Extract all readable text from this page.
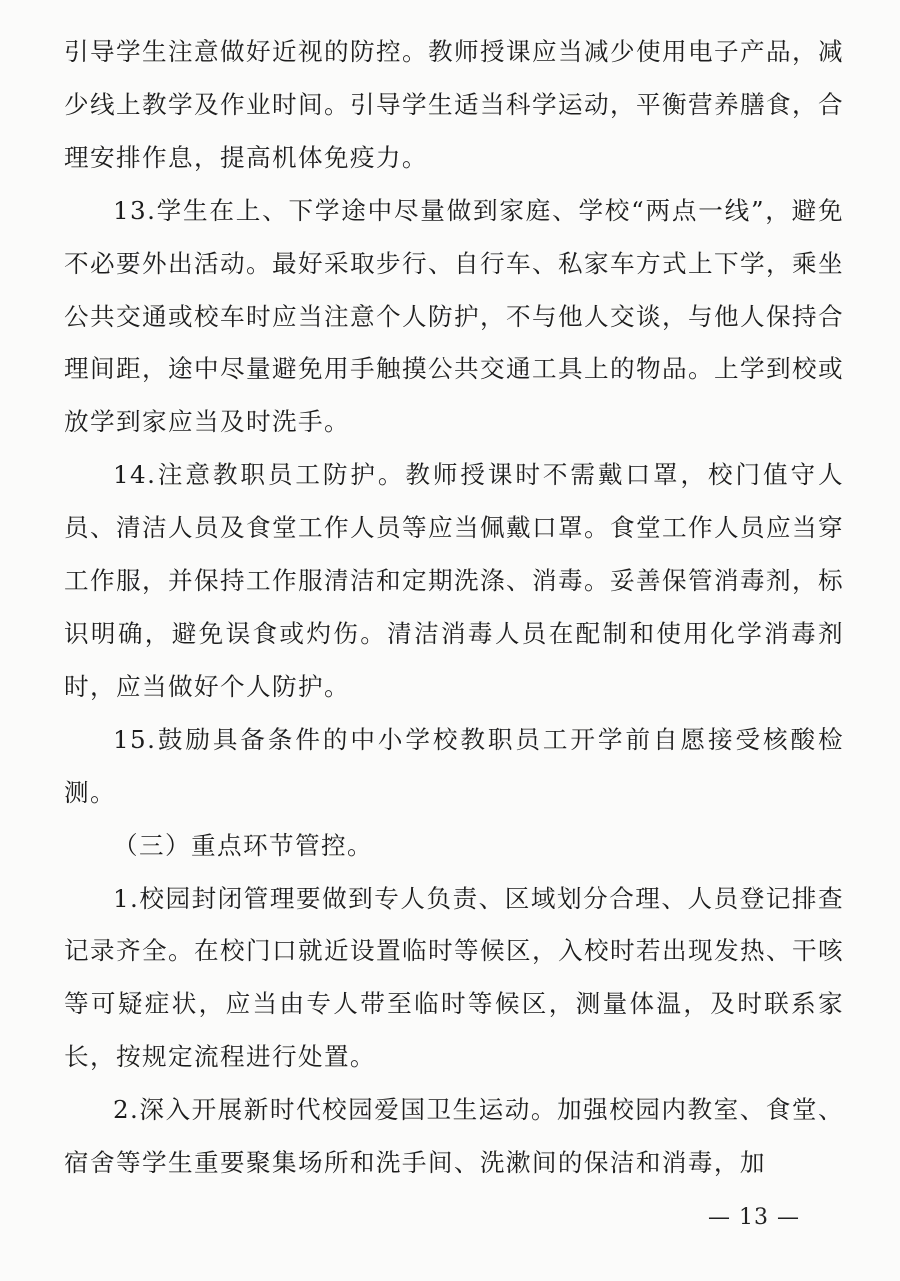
引导学生注意做好近视的防控。教师授课应当减少使用电子产品，减少线上教学及作业时间。引导学生适当科学运动，平衡营养膳食，合理安排作息，提高机体免疫力。

13.学生在上、下学途中尽量做到家庭、学校“两点一线”，避免不必要外出活动。最好采取步行、自行车、私家车方式上下学，乘坐公共交通或校车时应当注意个人防护，不与他人交谈，与他人保持合理间距，途中尽量避免用手触摸公共交通工具上的物品。上学到校或放学到家应当及时洗手。

14.注意教职员工防护。教师授课时不需戴口罩，校门值守人员、清洁人员及食堂工作人员等应当佩戴口罩。食堂工作人员应当穿工作服，并保持工作服清洁和定期洗涤、消毒。妥善保管消毒剂，标识明确，避免误食或灼伤。清洁消毒人员在配制和使用化学消毒剂时，应当做好个人防护。

15.鼓励具备条件的中小学校教职员工开学前自愿接受核酸检测。

（三）重点环节管控。

1.校园封闭管理要做到专人负责、区域划分合理、人员登记排查记录齐全。在校门口就近设置临时等候区，入校时若出现发热、干咳等可疑症状，应当由专人带至临时等候区，测量体温，及时联系家长，按规定流程进行处置。

2.深入开展新时代校园爱国卫生运动。加强校园内教室、食堂、宿舍等学生重要聚集场所和洗手间、洗漱间的保洁和消毒，加

— 13 —
